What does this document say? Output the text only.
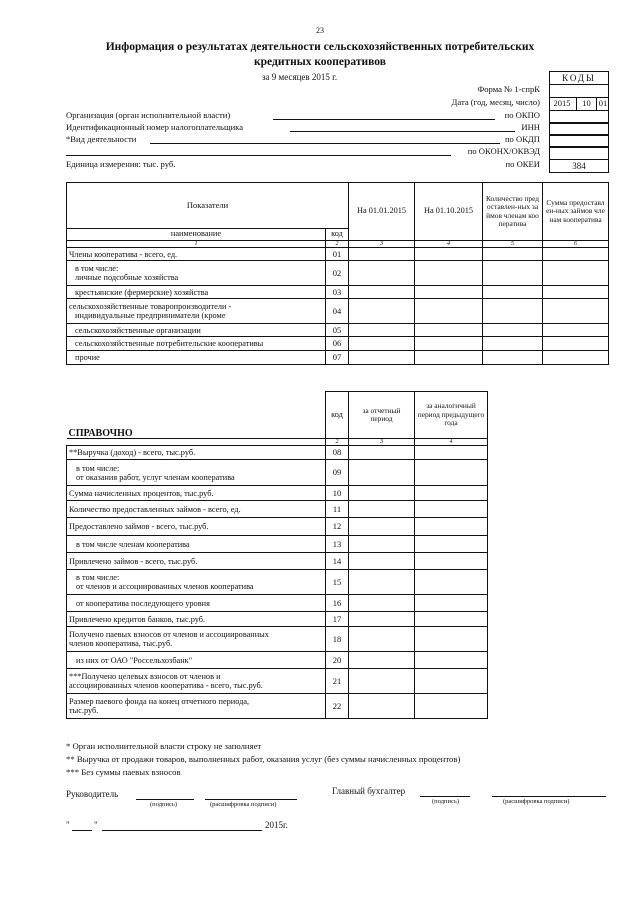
23
Информация о результатах деятельности сельскохозяйственных потребительских
кредитных кооперативов
за 9 месяцев 2015 г.	КОДЫ
Форма № 1-спрК
Дата (год, месяц, число)	2015	10 01
Организация (орган исполнительной власти)	по ОКПО
Идентификационный номер налогоплательщика	ИНН
*Вид деятельности	по ОКДП
по ОКОНХ/ОКВЭД
Единица измерения: тыс. руб.	по ОКЕИ	384
Показатели		На 01.01.2015	На 01.10.2015	Количество предоставлен-ных займов членам кооператива	Сумма предоставлен-ных займов членам кооператива
наименование	код				
1	2	3	4	5	6

Члены кооператива - всего, ед.	01				

в том числе:
личные подсобные хозяйства	02				

крестьянские (фермерские) хозяйства	03				

сельскохозяйственные товаропроизводители -
индивидуальные предприниматели (кроме	04				

сельскохозяйственные организации	05				

сельскохозяйственные потребительские кооперативы	06				

прочие	07				
СПРАВОЧНО	код	за отчетный период	за аналогичный период предыдущего года
	2	3	4

**Выручка (доход) - всего, тыс.руб.	08		

в том числе:
от оказания работ, услуг членам кооператива	09		

Сумма начисленных процентов, тыс.руб.	10		

Количество предоставленных займов - всего, ед.	11		

Предоставлено займов - всего, тыс.руб.	12		

в том числе членам кооператива	13		

Привлечено займов - всего, тыс.руб.	14		

в том числе:
от членов и ассоциированных членов кооператива	15		

от кооператива последующего уровня	16		

Привлечено кредитов банков, тыс.руб.	17		

Получено паевых взносов от членов и ассоциированных
членов кооператива, тыс.руб.	18		

из них от ОАО "Россельхозбанк"	20		

***Получено целевых взносов от членов и
ассоциированных членов кооператива - всего, тыс.руб.	21		

Размер паевого фонда на конец отчетного периода,
тыс.руб.	22		
* Орган исполнительной власти строку не заполняет
** Выручка от продажи товаров, выполненных работ, оказания услуг (без суммы начисленных процентов)
*** Без суммы паевых взносов
Руководитель
(подпись)	(расшифровка подписи)
Главный бухгалтер
(подпись)	(расшифровка подписи)
"	"	2015г.
